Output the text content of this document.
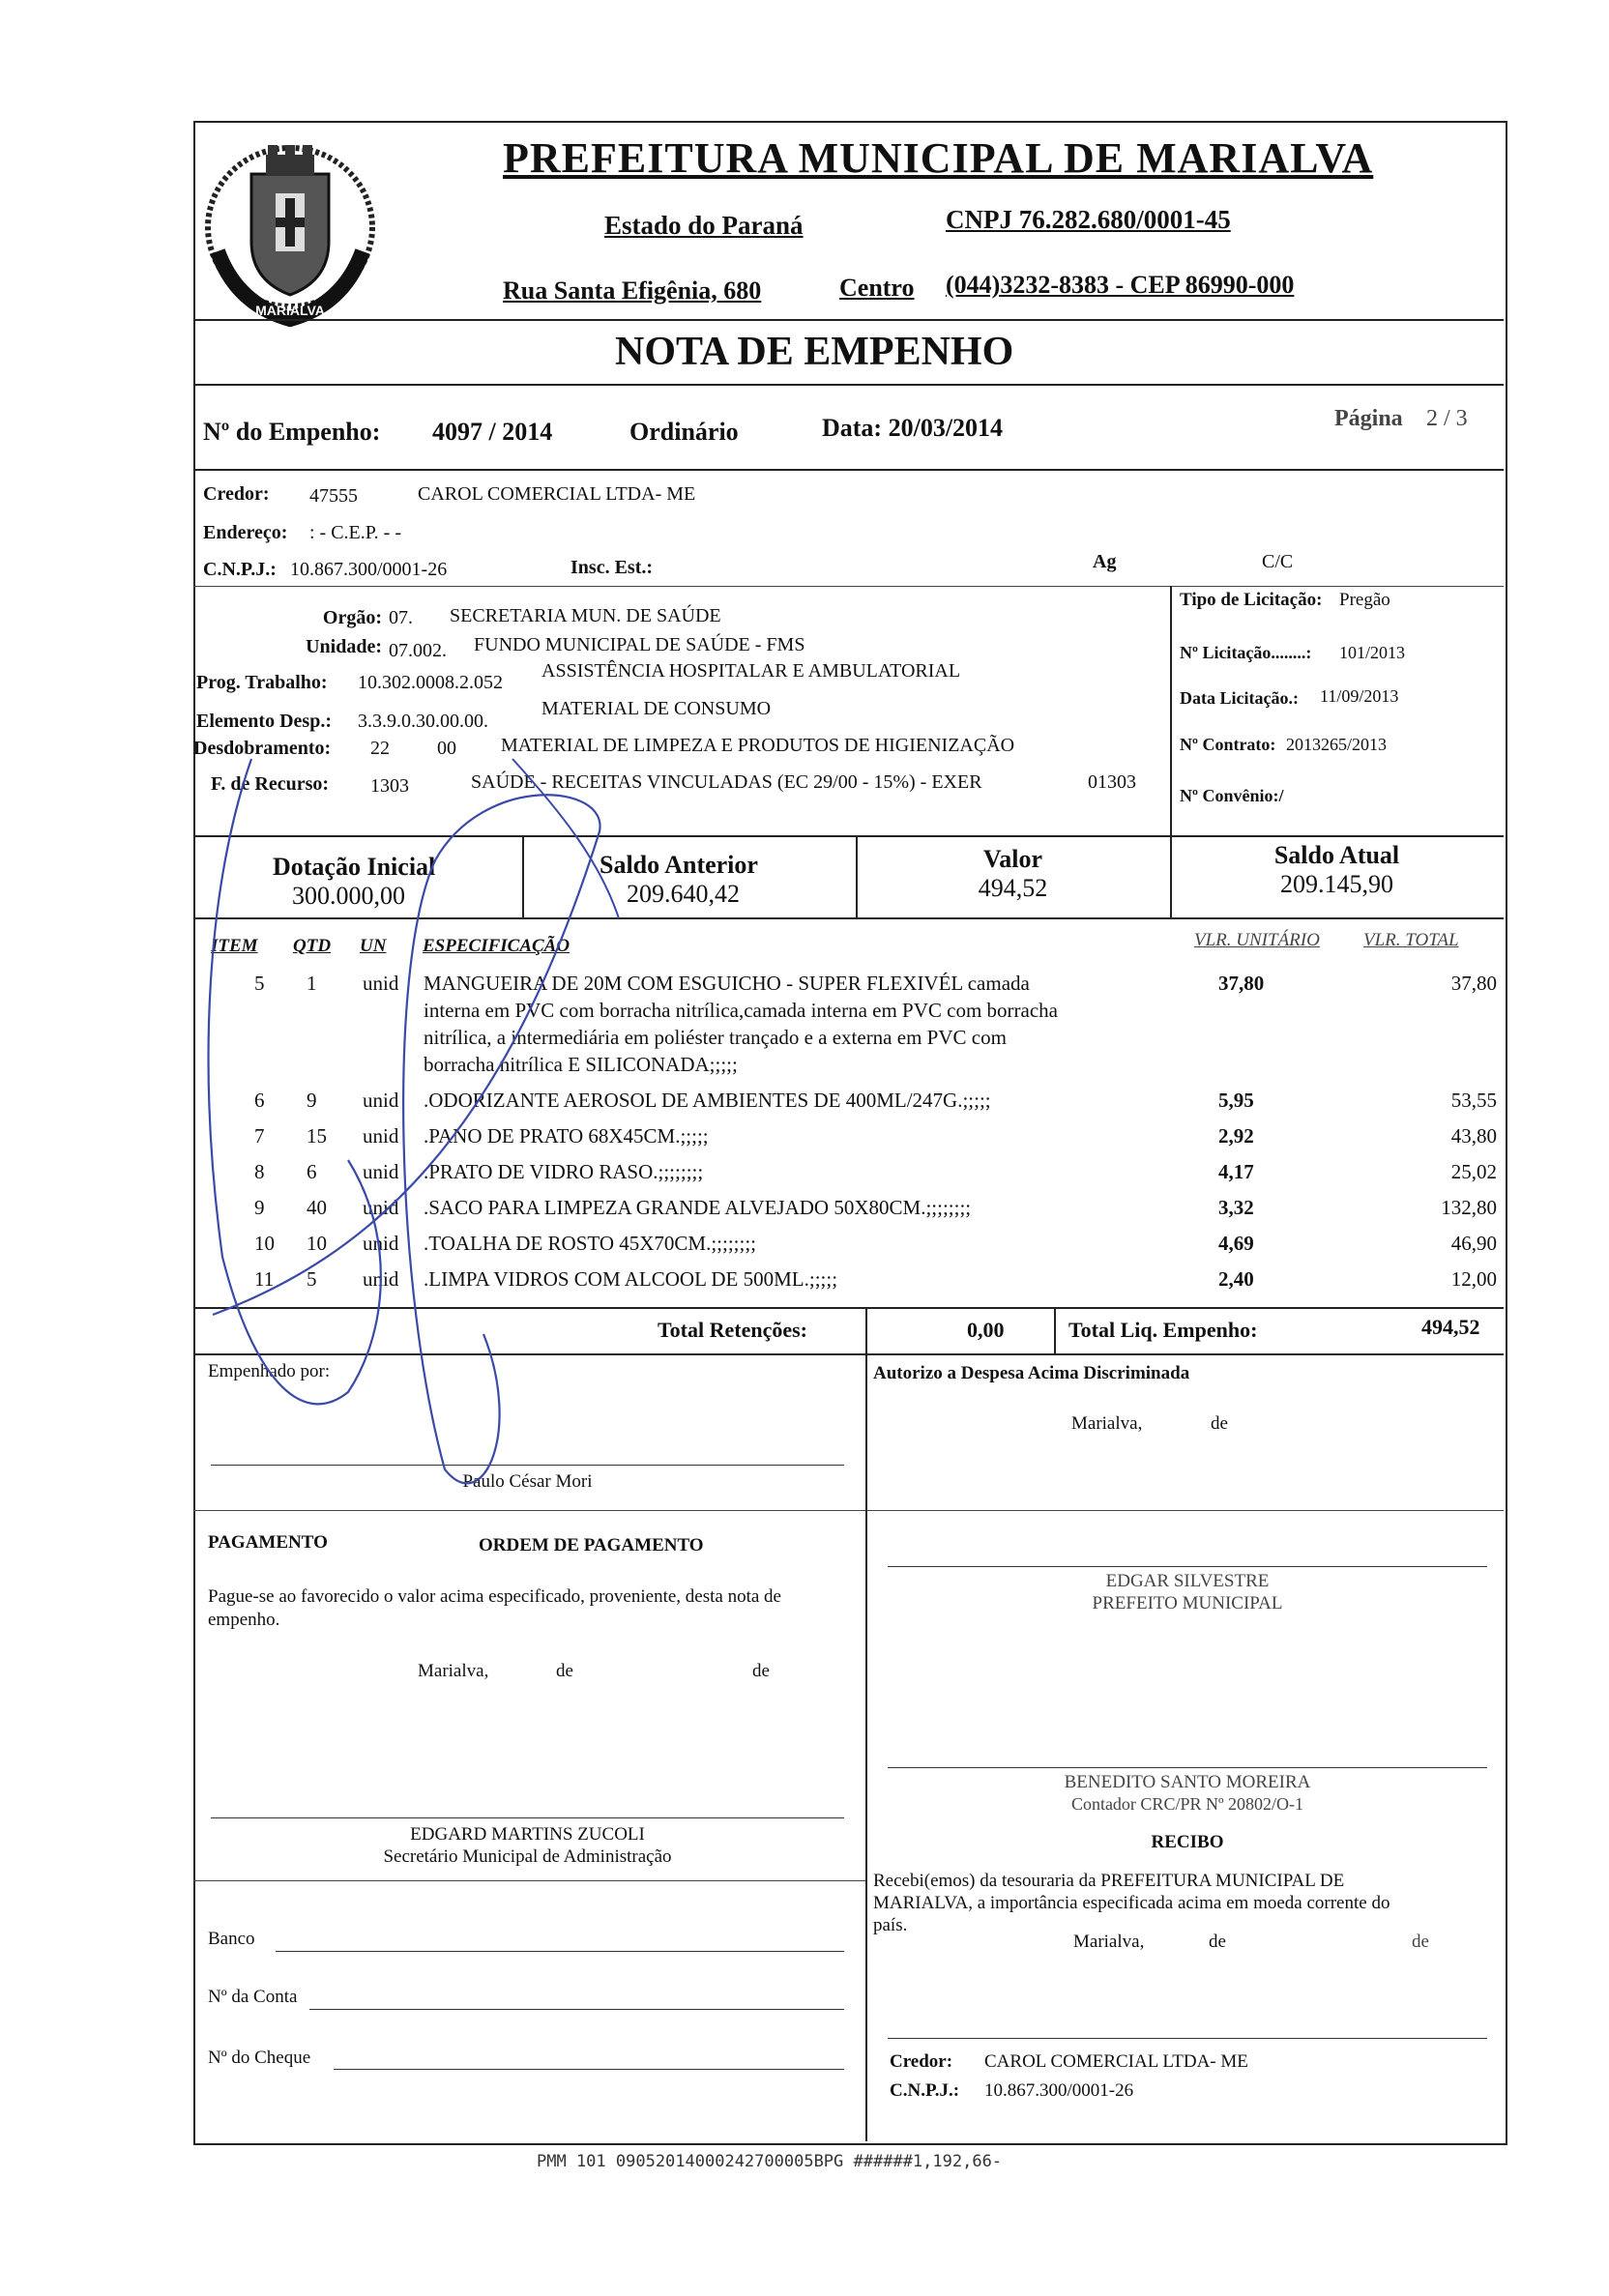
MARIALVA
PREFEITURA MUNICIPAL DE MARIALVA
Estado do Paraná	CNPJ 76.282.680/0001-45
Rua Santa Efigênia, 680	Centro (044)3232-8383 - CEP 86990-000
NOTA DE EMPENHO
Nº do Empenho: 4097 / 2014	Ordinário	Data: 20/03/2014	Página 2 / 3
Credor: 47555	CAROL COMERCIAL LTDA- ME
Endereço: : - C.E.P. - -
C.N.P.J.: 10.867.300/0001-26	Insc. Est.:	Ag	C/C
Orgão: 07. SECRETARIA MUN. DE SAÚDE
Unidade: 07.002. FUNDO MUNICIPAL DE SAÚDE - FMS
Prog. Trabalho: 10.302.0008.2.052
ASSISTÊNCIA HOSPITALAR E AMBULATORIAL
Elemento Desp.: 3.3.9.0.30.00.00.
MATERIAL DE CONSUMO
Desdobramento: 22 00 MATERIAL DE LIMPEZA E PRODUTOS DE HIGIENIZAÇÃO
F. de Recurso: 1303	SAÚDE - RECEITAS VINCULADAS (EC 29/00 - 15%) - EXER	01303
Tipo de Licitação: Pregão
Nº Licitação........: 101/2013
Data Licitação.: 11/09/2013
Nº Contrato: 2013265/2013
Nº Convênio:/
Dotação Inicial
300.000,00
Saldo Anterior
209.640,42
Valor
494,52
Saldo Atual
209.145,90
ITEM QTD UN ESPECIFICAÇÃO	VLR. UNITÁRIO VLR. TOTAL
5 1 unid MANGUEIRA DE 20M COM ESGUICHO - SUPER FLEXIVÉL camada
interna em PVC com borracha nitrílica,camada interna em PVC com borracha
nitrílica, a intermediária em poliéster trançado e a externa em PVC com
borracha nitrílica E SILICONADA;;;;;
37,80	37,80
6 9 unid .ODORIZANTE AEROSOL DE AMBIENTES DE 400ML/247G.;;;;;	5,95	53,55
7 15 unid .PANO DE PRATO 68X45CM.;;;;;	2,92	43,80
8 6 unid .PRATO DE VIDRO RASO.;;;;;;;;	4,17	25,02
9 40 unid .SACO PARA LIMPEZA GRANDE ALVEJADO 50X80CM.;;;;;;;;	3,32	132,80
10 10 unid .TOALHA DE ROSTO 45X70CM.;;;;;;;;	4,69	46,90
11 5 unid .LIMPA VIDROS COM ALCOOL DE 500ML.;;;;;	2,40	12,00
Total Retenções:	0,00	Total Liq. Empenho:	494,52
Empenhado por:
Paulo César Mori
Autorizo a Despesa Acima Discriminada
Marialva,	de
PAGAMENTO	ORDEM DE PAGAMENTO
Pague-se ao favorecido o valor acima especificado, proveniente, desta nota de empenho.
Marialva,	de	de
EDGAR SILVESTRE
PREFEITO MUNICIPAL
BENEDITO SANTO MOREIRA
Contador CRC/PR Nº 20802/O-1
RECIBO
Recebi(emos) da tesouraria da PREFEITURA MUNICIPAL DE
MARIALVA, a importância especificada acima em moeda corrente do
país.
Marialva,	de	de
EDGARD MARTINS ZUCOLI
Secretário Municipal de Administração
Banco
Nº da Conta
Nº do Cheque	Credor: CAROL COMERCIAL LTDA- ME
C.N.P.J.: 10.867.300/0001-26
PMM 101 09052014000242700005BPG ######1,192,66-
